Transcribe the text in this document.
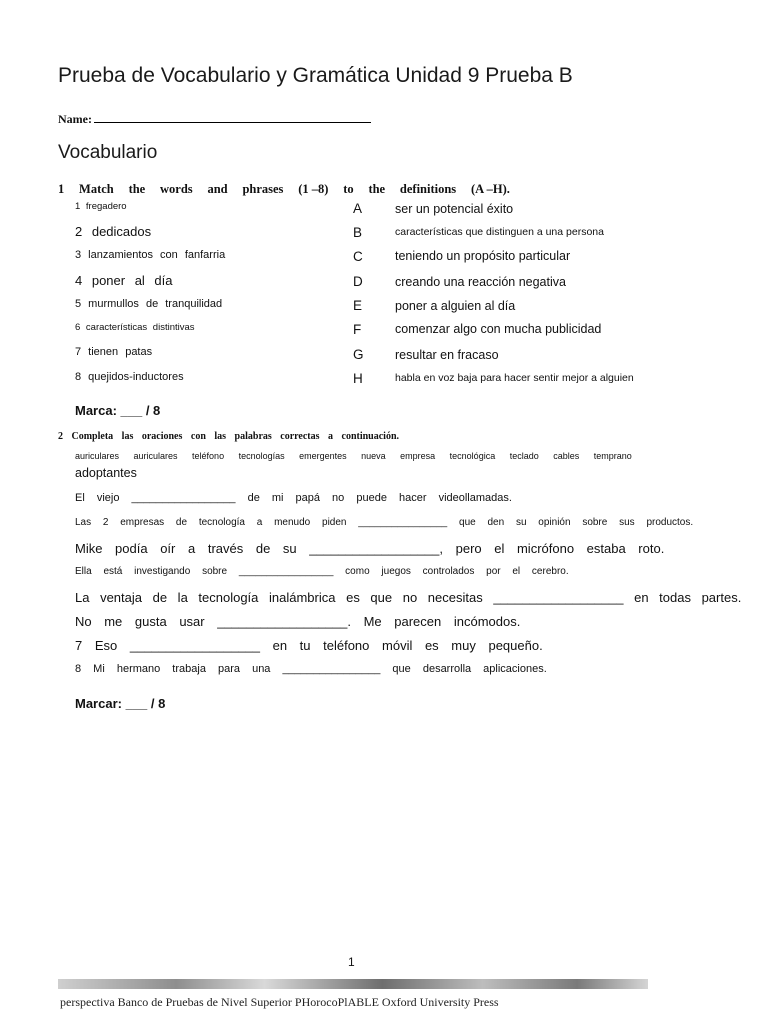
Prueba de Vocabulario y Gramática Unidad 9 Prueba B
Name:
Vocabulario
1 Match the words and phrases (1 –8) to the definitions (A –H).
1 fregadero
2 dedicados
3 lanzamientos con fanfarria
4 poner al día
5 murmullos de tranquilidad
6 características distintivas
7 tienen patas
8 quejidos-inductores
A
B
C
D
E
F
G
H
ser un potencial éxito
características que distinguen a una persona
teniendo un propósito particular
creando una reacción negativa
poner a alguien al día
comenzar algo con mucha publicidad
resultar en fracaso
habla en voz baja para hacer sentir mejor a alguien
Marca: ___ / 8
2 Completa las oraciones con las palabras correctas a continuación.
auriculares auriculares teléfono tecnologías emergentes nueva empresa tecnológica teclado cables temprano
adoptantes
El viejo _________________ de mi papá no puede hacer videollamadas.
Las 2 empresas de tecnología a menudo piden ________________ que den su opinión sobre sus productos.
Mike podía oír a través de su __________________, pero el micrófono estaba roto.
Ella está investigando sobre _________________ como juegos controlados por el cerebro.
La ventaja de la tecnología inalámbrica es que no necesitas __________________ en todas partes.
No me gusta usar __________________. Me parecen incómodos.
7 Eso __________________ en tu teléfono móvil es muy pequeño.
8 Mi hermano trabaja para una ________________ que desarrolla aplicaciones.
Marcar: ___ / 8
1
perspectiva Banco de Pruebas de Nivel Superior PHorocoPlABLE Oxford University Press
